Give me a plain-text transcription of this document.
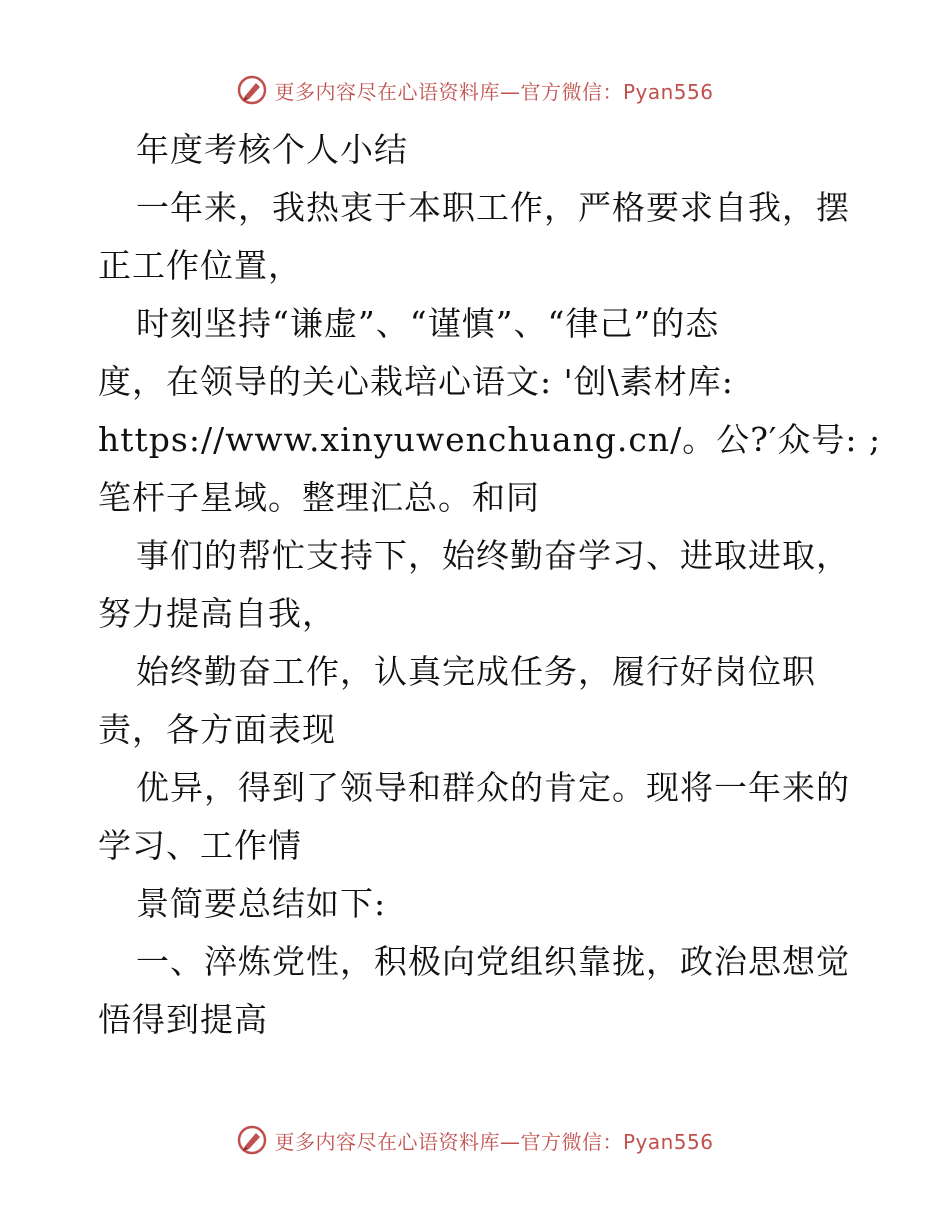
更多内容尽在心语资料库—官方微信：Pyan556
年度考核个人小结
一年来，我热衷于本职工作，严格要求自我，摆
正工作位置，
时刻坚持“谦虚”、“谨慎”、“律己”的态
度，在领导的关心栽培心语文: '创\素材库:
https://www.xinyuwenchuang.cn/。公?′众号: ;
笔杆子星域。整理汇总。和同
事们的帮忙支持下，始终勤奋学习、进取进取，
努力提高自我，
始终勤奋工作，认真完成任务，履行好岗位职
责，各方面表现
优异，得到了领导和群众的肯定。现将一年来的
学习、工作情
景简要总结如下:
一、淬炼党性，积极向党组织靠拢，政治思想觉
悟得到提高
更多内容尽在心语资料库—官方微信：Pyan556
